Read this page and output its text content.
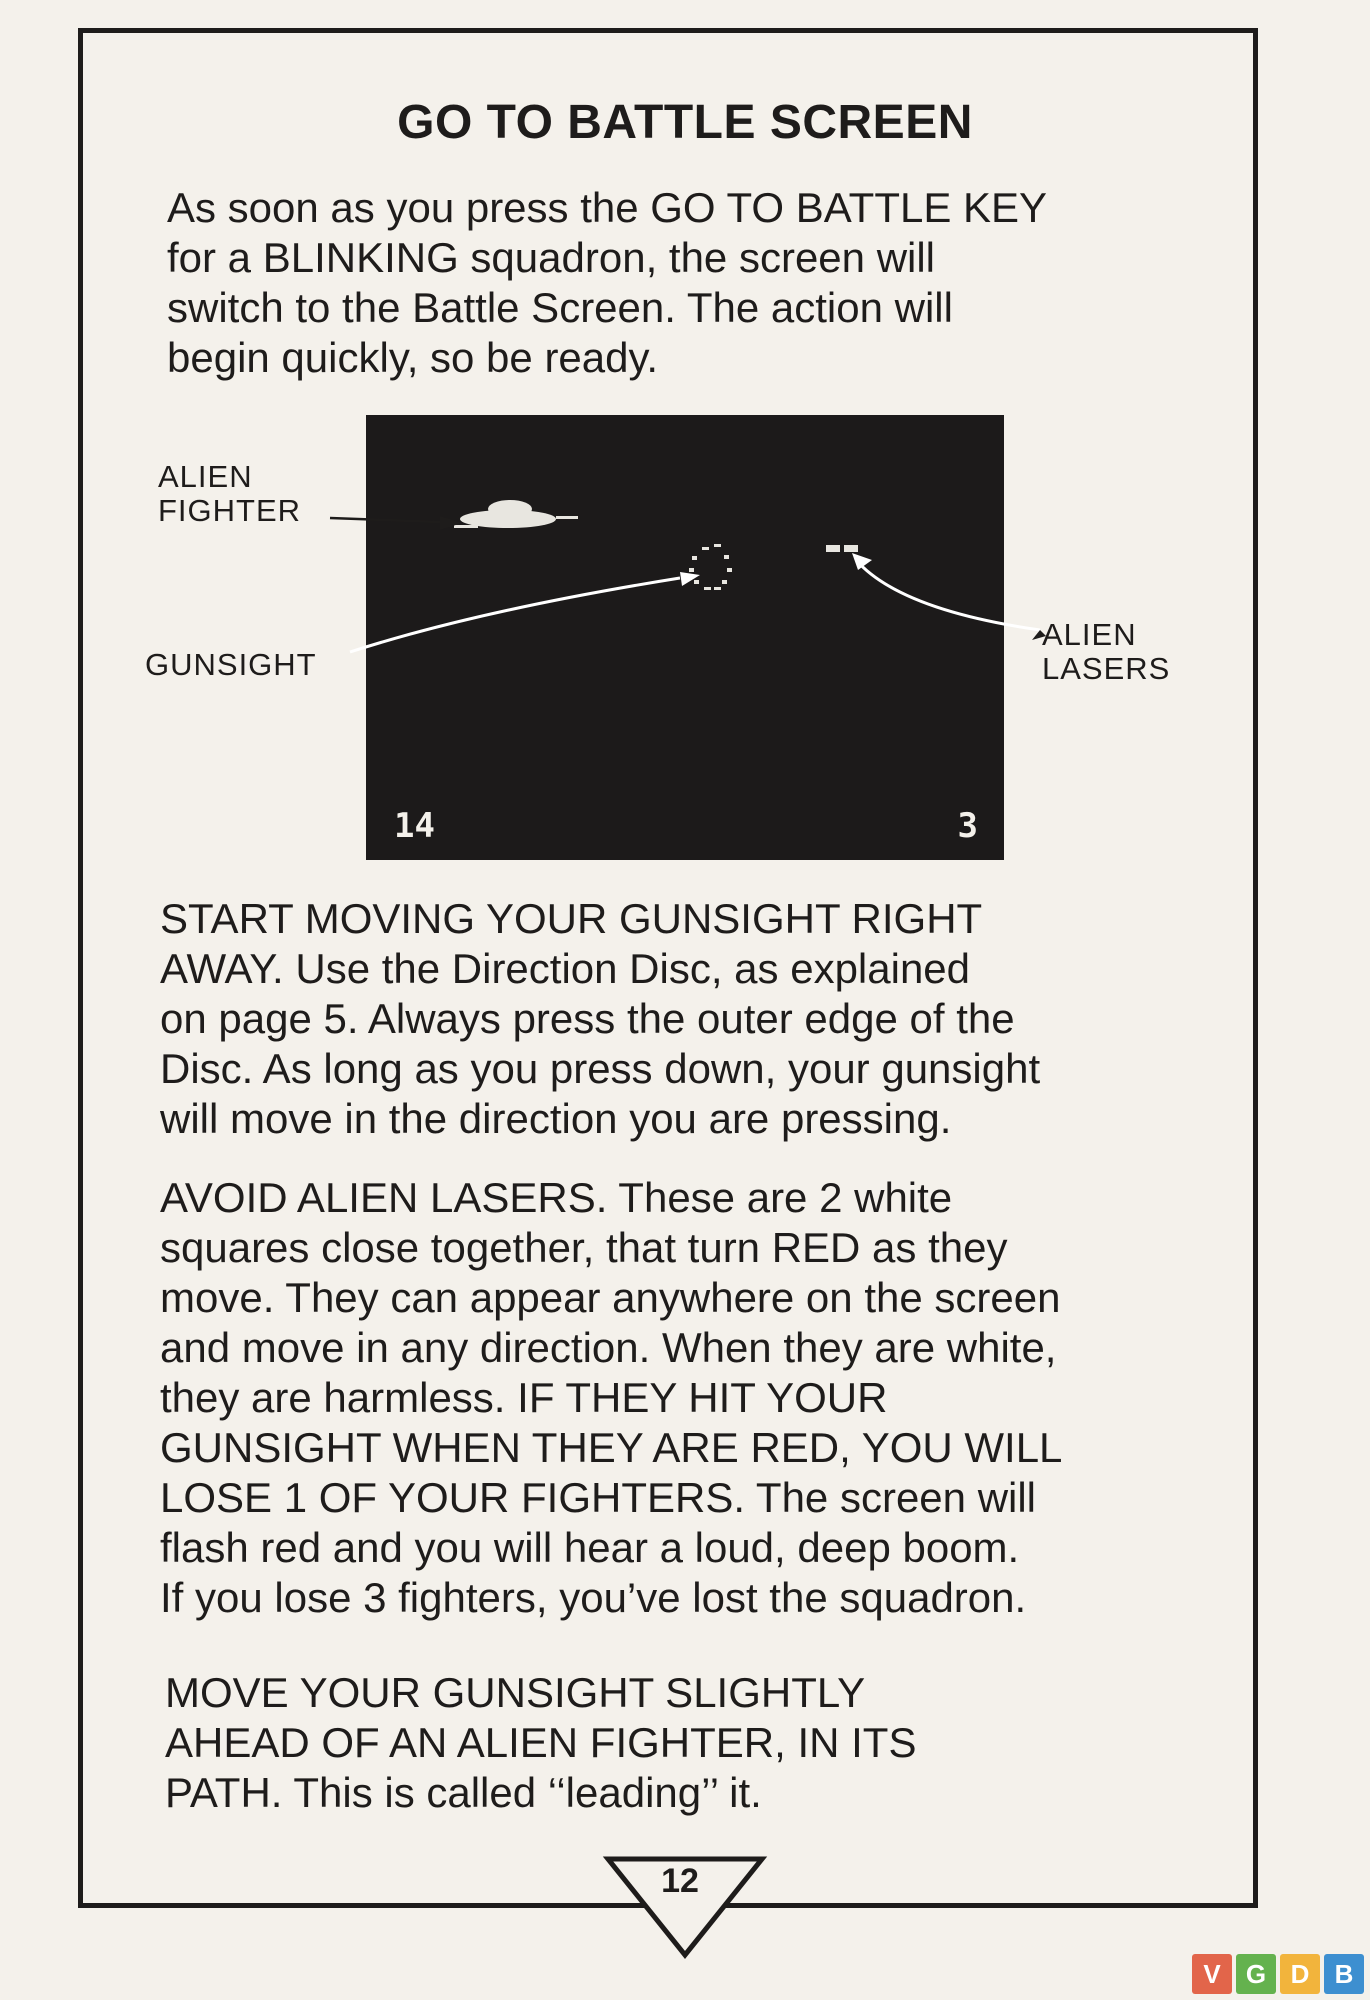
GO TO BATTLE SCREEN

As soon as you press the GO TO BATTLE KEY
for a BLINKING squadron, the screen will
switch to the Battle Screen. The action will
begin quickly, so be ready.

14	3
ALIEN
FIGHTER
GUNSIGHT
ALIEN
LASERS

START MOVING YOUR GUNSIGHT RIGHT
AWAY. Use the Direction Disc, as explained
on page 5. Always press the outer edge of the
Disc. As long as you press down, your gunsight
will move in the direction you are pressing.

AVOID ALIEN LASERS. These are 2 white
squares close together, that turn RED as they
move. They can appear anywhere on the screen
and move in any direction. When they are white,
they are harmless. IF THEY HIT YOUR
GUNSIGHT WHEN THEY ARE RED, YOU WILL
LOSE 1 OF YOUR FIGHTERS. The screen will
flash red and you will hear a loud, deep boom.
If you lose 3 fighters, you’ve lost the squadron.

MOVE YOUR GUNSIGHT SLIGHTLY
AHEAD OF AN ALIEN FIGHTER, IN ITS
PATH. This is called ‘‘leading’’ it.

12
V G D B
